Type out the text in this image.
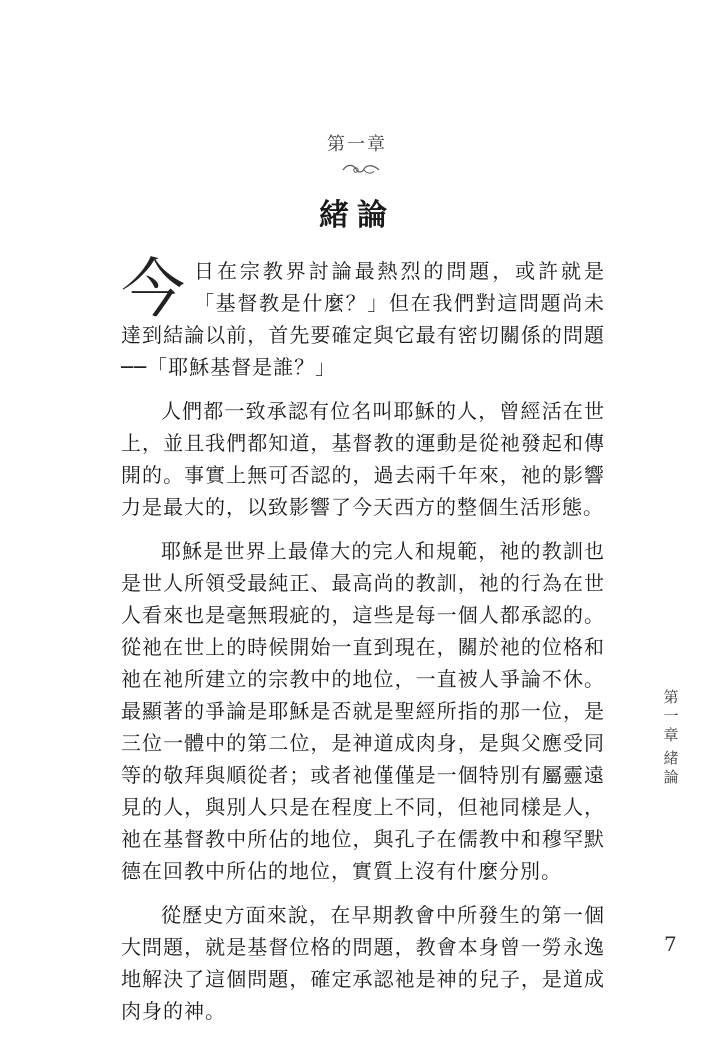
第一章
緒論

今日在宗教界討論最熱烈的問題，或許就是「基督教是什麼？」但在我們對這問題尚未達到結論以前，首先要確定與它最有密切關係的問題──「耶穌基督是誰？」

人們都一致承認有位名叫耶穌的人，曾經活在世上，並且我們都知道，基督教的運動是從祂發起和傳開的。事實上無可否認的，過去兩千年來，祂的影響力是最大的，以致影響了今天西方的整個生活形態。

耶穌是世界上最偉大的完人和規範，祂的教訓也是世人所領受最純正、最高尚的教訓，祂的行為在世人看來也是毫無瑕疵的，這些是每一個人都承認的。從祂在世上的時候開始一直到現在，關於祂的位格和祂在祂所建立的宗教中的地位，一直被人爭論不休。最顯著的爭論是耶穌是否就是聖經所指的那一位，是三位一體中的第二位，是神道成肉身，是與父應受同等的敬拜與順從者；或者祂僅僅是一個特別有屬靈遠見的人，與別人只是在程度上不同，但祂同樣是人，祂在基督教中所佔的地位，與孔子在儒教中和穆罕默德在回教中所佔的地位，實質上沒有什麼分別。

從歷史方面來說，在早期教會中所發生的第一個大問題，就是基督位格的問題，教會本身曾一勞永逸地解決了這個問題，確定承認祂是神的兒子，是道成肉身的神。

第
一
章
緒
論
7
